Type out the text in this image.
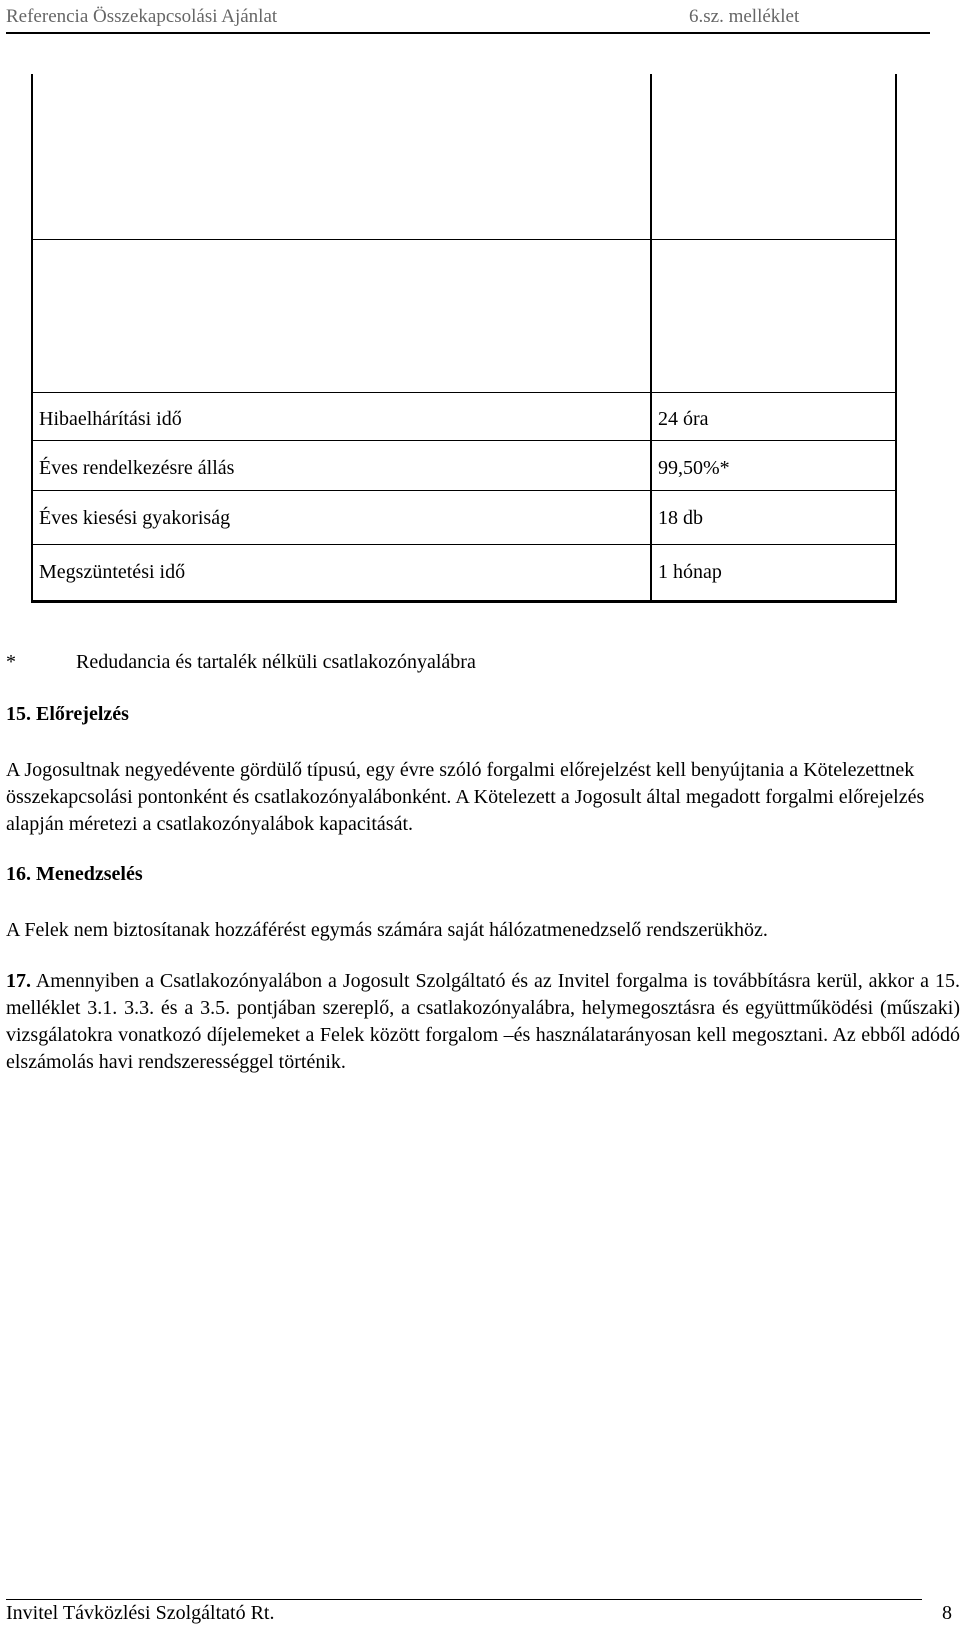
Referencia Összekapcsolási Ajánlat	6.sz. melléklet
Hibaelhárítási idő	24 óra
Éves rendelkezésre állás	99,50%*
Éves kiesési gyakoriság	18 db
Megszüntetési idő	1 hónap
*	Redudancia és tartalék nélküli csatlakozónyalábra
15. Előrejelzés

A Jogosultnak negyedévente gördülő típusú, egy évre szóló forgalmi előrejelzést kell benyújtania a Kötelezettnek összekapcsolási pontonként és csatlakozónyalábonként. A Kötelezett a Jogosult által megadott forgalmi előrejelzés alapján méretezi a csatlakozónyalábok kapacitását.

16. Menedzselés

A Felek nem biztosítanak hozzáférést egymás számára saját hálózatmenedzselő rendszerükhöz.

17. Amennyiben a Csatlakozónyalábon a Jogosult Szolgáltató és az Invitel forgalma is továbbításra kerül, akkor a 15. melléklet 3.1. 3.3. és a 3.5. pontjában szereplő, a csatlakozónyalábra, helymegosztásra és együttműködési (műszaki) vizsgálatokra vonatkozó díjelemeket a Felek között forgalom –és használatarányosan kell megosztani. Az ebből adódó elszámolás havi rendszerességgel történik.

Invitel Távközlési Szolgáltató Rt.	8
